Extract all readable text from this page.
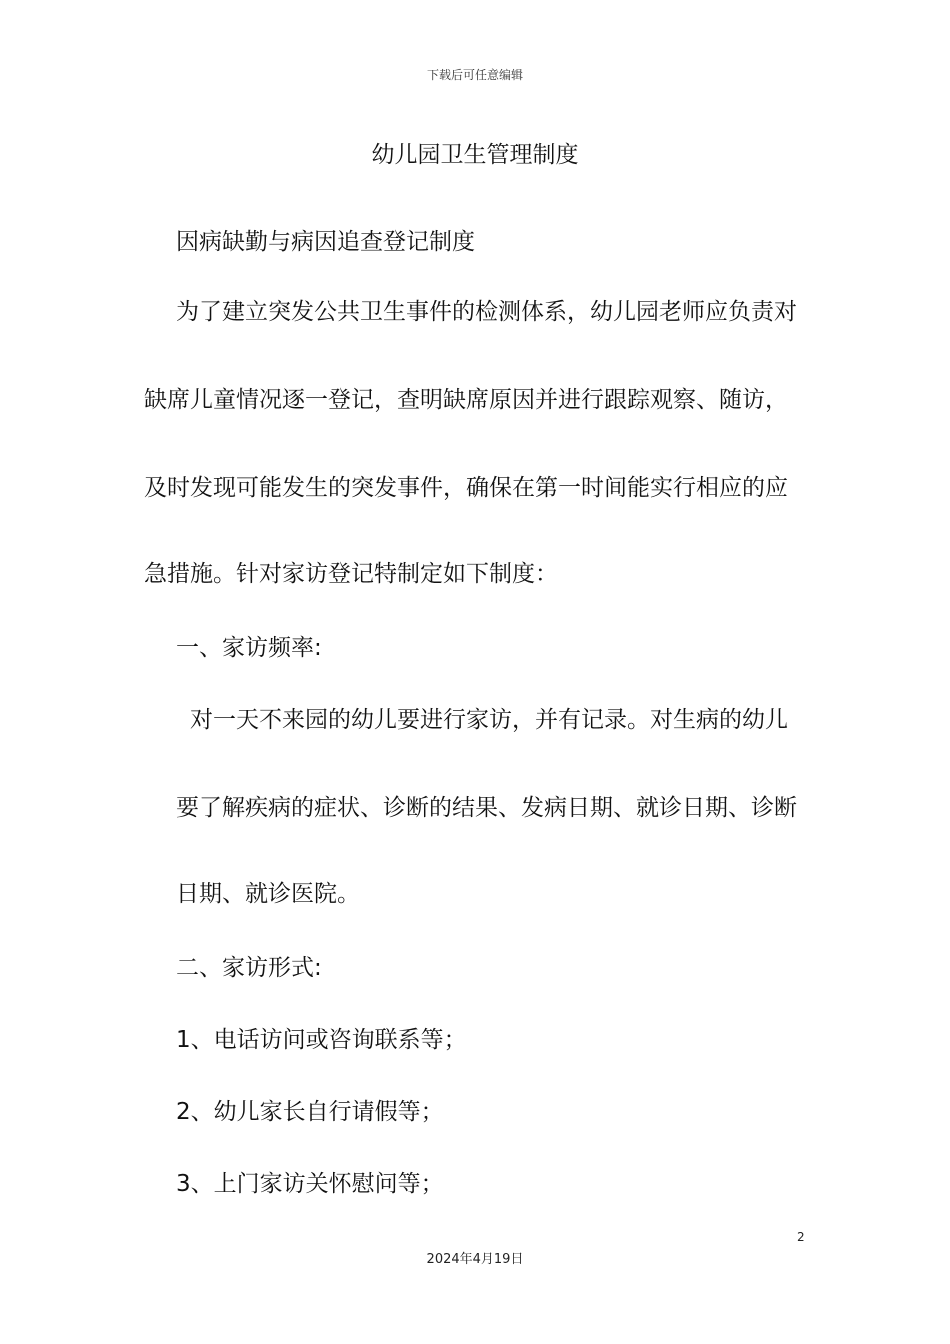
下载后可任意编辑
幼儿园卫生管理制度
因病缺勤与病因追查登记制度
为了建立突发公共卫生事件的检测体系，幼儿园老师应负责对
缺席儿童情况逐一登记，查明缺席原因并进行跟踪观察、随访，
及时发现可能发生的突发事件，确保在第一时间能实行相应的应
急措施。针对家访登记特制定如下制度：
一、家访频率:
对一天不来园的幼儿要进行家访，并有记录。对生病的幼儿
要了解疾病的症状、诊断的结果、发病日期、就诊日期、诊断
日期、就诊医院。
二、家访形式:
1、电话访问或咨询联系等；
2、幼儿家长自行请假等；
3、上门家访关怀慰问等；
2
2024年4月19日
